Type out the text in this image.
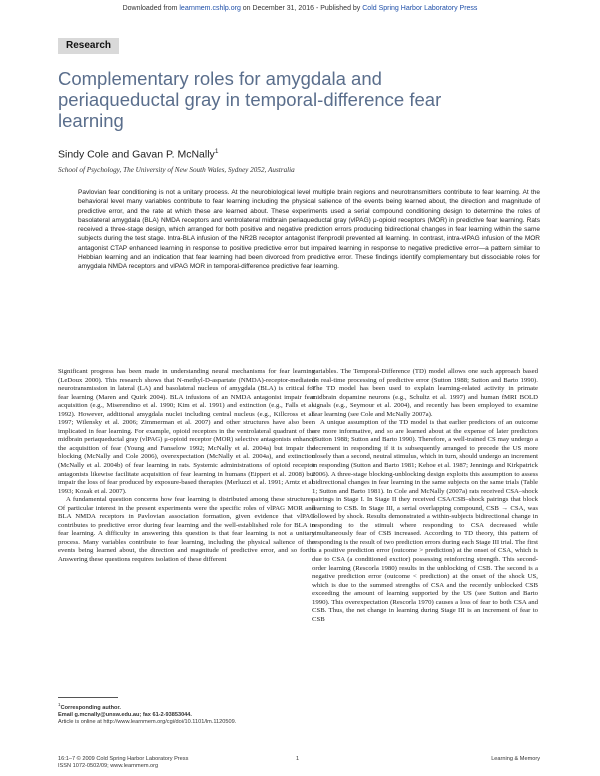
Downloaded from learnmem.cshlp.org on December 31, 2016 - Published by Cold Spring Harbor Laboratory Press
Research
Complementary roles for amygdala and periaqueductal gray in temporal-difference fear learning
Sindy Cole and Gavan P. McNally$^1$
School of Psychology, The University of New South Wales, Sydney 2052, Australia

Pavlovian fear conditioning is not a unitary process. At the neurobiological level multiple brain regions and neurotransmitters contribute to fear learning. At the behavioral level many variables contribute to fear learning including the physical salience of the events being learned about, the direction and magnitude of predictive error, and the rate at which these are learned about. These experiments used a serial compound conditioning design to determine the roles of basolateral amygdala (BLA) NMDA receptors and ventrolateral midbrain periaqueductal gray (vlPAG) μ-opioid receptors (MOR) in predictive fear learning. Rats received a three-stage design, which arranged for both positive and negative prediction errors producing bidirectional changes in fear learning within the same subjects during the test stage. Intra-BLA infusion of the NR2B receptor antagonist Ifenprodil prevented all learning. In contrast, intra-vlPAG infusion of the MOR antagonist CTAP enhanced learning in response to positive predictive error but impaired learning in response to negative predictive error—a pattern similar to Hebbian learning and an indication that fear learning had been divorced from predictive error. These findings identify complementary but dissociable roles for amygdala NMDA receptors and vlPAG MOR in temporal-difference predictive fear learning.

Significant progress has been made in understanding neural mechanisms for fear learning (LeDoux 2000). This research shows that N-methyl-D-aspartate (NMDA)-receptor-mediated neurotransmission in lateral (LA) and basolateral nucleus of amygdala (BLA) is critical for fear learning (Maren and Quirk 2004). BLA infusions of an NMDA antagonist impair fear acquisition (e.g., Miserendino et al. 1990; Kim et al. 1991) and extinction (e.g., Falls et al. 1992). However, additional amygdala nuclei including central nucleus (e.g., Killcross et al. 1997; Wilensky et al. 2006; Zimmerman et al. 2007) and other structures have also been implicated in fear learning. For example, opioid receptors in the ventrolateral quadrant of the midbrain periaqueductal gray (vlPAG) μ-opioid receptor (MOR) selective antagonists enhance the acquisition of fear (Young and Fanselow 1992; McNally et al. 2004a) but impair the blocking (McNally and Cole 2006), overexpectation (McNally et al. 2004a), and extinction (McNally et al. 2004b) of fear learning in rats. Systemic administrations of opioid receptor antagonists likewise facilitate acquisition of fear learning in humans (Eippert et al. 2008) but impair the loss of fear produced by exposure-based therapies (Merluzzi et al. 1991; Arntz et al. 1993; Kozak et al. 2007).

A fundamental question concerns how fear learning is distributed among these structures. Of particular interest in the present experiments were the specific roles of vlPAG MOR and BLA NMDA receptors in Pavlovian association formation, given evidence that vlPAG contributes to predictive error during fear learning and the well-established role for BLA in fear learning. A difficulty in answering this question is that fear learning is not a unitary process. Many variables contribute to fear learning, including the physical salience of the events being learned about, the direction and magnitude of predictive error, and so forth. Answering these questions requires isolation of these different

variables. The Temporal-Difference (TD) model allows one such approach based on real-time processing of predictive error (Sutton 1988; Sutton and Barto 1990). The TD model has been used to explain learning-related activity in primate midbrain dopamine neurons (e.g., Schultz et al. 1997) and human fMRI BOLD signals (e.g., Seymour et al. 2004), and recently has been employed to examine fear learning (see Cole and McNally 2007a).

A unique assumption of the TD model is that earlier predictors of an outcome are more informative, and so are learned about at the expense of later predictors (Sutton 1988; Sutton and Barto 1990). Therefore, a well-trained CS may undergo a decrement in responding if it is subsequently arranged to precede the US more closely than a second, neutral stimulus, which in turn, should undergo an increment in responding (Sutton and Barto 1981; Kehoe et al. 1987; Jennings and Kirkpatrick 2006). A three-stage blocking-unblocking design exploits this assumption to assess bidirectional changes in fear learning in the same subjects on the same trials (Table 1; Sutton and Barto 1981). In Cole and McNally (2007a) rats received CSA–shock pairings in Stage I. In Stage II they received CSA/CSB–shock pairings that block learning to CSB. In Stage III, a serial overlapping compound, CSB → CSA, was followed by shock. Results demonstrated a within-subjects bidirectional change in responding to the stimuli where responding to CSA decreased while simultaneously fear of CSB increased. According to TD theory, this pattern of responding is the result of two prediction errors during each Stage III trial. The first is a positive prediction error (outcome > prediction) at the onset of CSA, which is due to CSA (a conditioned excitor) possessing reinforcing strength. This second-order learning (Rescorla 1980) results in the unblocking of CSB. The second is a negative prediction error (outcome < prediction) at the onset of the shock US, which is due to the summed strengths of CSA and the recently unblocked CSB exceeding the amount of learning supported by the US (see Sutton and Barto 1990). This overexpectation (Rescorla 1970) causes a loss of fear to both CSA and CSB. Thus, the net change in learning during Stage III is an increment of fear to CSB

$^1$Corresponding author.
Email g.mcnally@unsw.edu.au; fax 61-2-93853044.
Article is online at http://www.learnmem.org/cgi/doi/10.1101/lm.1120509.
16:1–7 © 2009 Cold Spring Harbor Laboratory Press
ISSN 1072-0502/09; www.learnmem.org
1	Learning & Memory
